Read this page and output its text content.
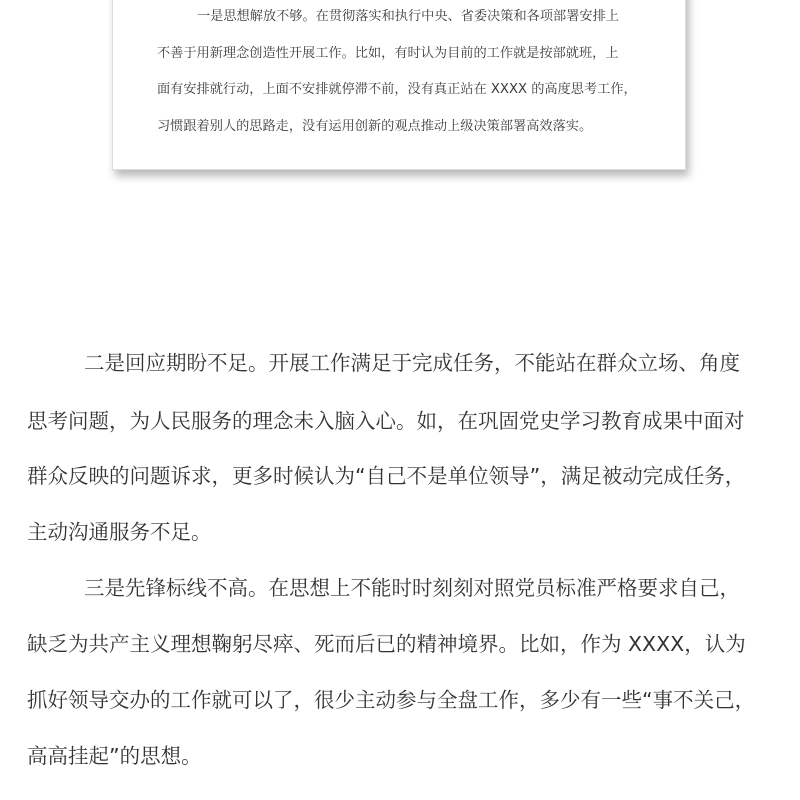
一是思想解放不够。在贯彻落实和执行中央、省委决策和各项部署安排上
不善于用新理念创造性开展工作。比如，有时认为目前的工作就是按部就班，上
面有安排就行动，上面不安排就停滞不前，没有真正站在 XXXX 的高度思考工作，
习惯跟着别人的思路走，没有运用创新的观点推动上级决策部署高效落实。
二是回应期盼不足。开展工作满足于完成任务，不能站在群众立场、角度
思考问题，为人民服务的理念未入脑入心。如，在巩固党史学习教育成果中面对
群众反映的问题诉求，更多时候认为“自己不是单位领导”，满足被动完成任务，
主动沟通服务不足。
三是先锋标线不高。在思想上不能时时刻刻对照党员标准严格要求自己，
缺乏为共产主义理想鞠躬尽瘁、死而后已的精神境界。比如，作为 XXXX，认为
抓好领导交办的工作就可以了，很少主动参与全盘工作，多少有一些“事不关己，
高高挂起”的思想。
